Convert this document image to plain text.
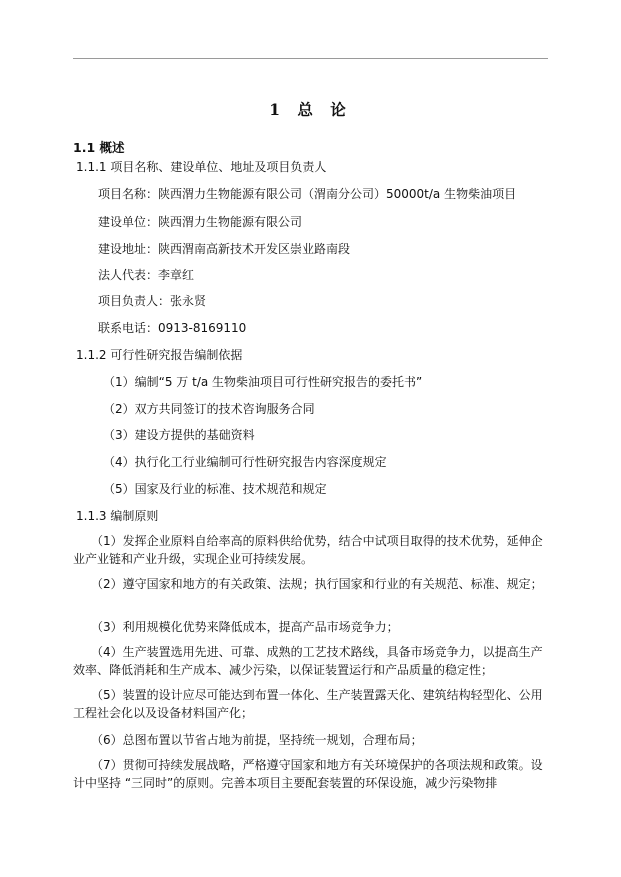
1 总 论
1.1 概述
1.1.1 项目名称、建设单位、地址及项目负责人
项目名称：陕西渭力生物能源有限公司（渭南分公司）50000t/a 生物柴油项目
建设单位：陕西渭力生物能源有限公司
建设地址：陕西渭南高新技术开发区崇业路南段
法人代表：李章红
项目负责人：张永贤
联系电话：0913-8169110
1.1.2 可行性研究报告编制依据
（1）编制“5 万 t/a 生物柴油项目可行性研究报告的委托书”
（2）双方共同签订的技术咨询服务合同
（3）建设方提供的基础资料
（4）执行化工行业编制可行性研究报告内容深度规定
（5）国家及行业的标准、技术规范和规定
1.1.3 编制原则
（1）发挥企业原料自给率高的原料供给优势，结合中试项目取得的技术优势，延伸企业产业链和产业升级，实现企业可持续发展。
（2）遵守国家和地方的有关政策、法规；执行国家和行业的有关规范、标准、规定；
（3）利用规模化优势来降低成本，提高产品市场竞争力；
（4）生产装置选用先进、可靠、成熟的工艺技术路线，具备市场竞争力，以提高生产效率、降低消耗和生产成本、减少污染，以保证装置运行和产品质量的稳定性；
（5）装置的设计应尽可能达到布置一体化、生产装置露天化、建筑结构轻型化、公用工程社会化以及设备材料国产化；
（6）总图布置以节省占地为前提，坚持统一规划，合理布局；
（7）贯彻可持续发展战略，严格遵守国家和地方有关环境保护的各项法规和政策。设计中坚持 “三同时”的原则。完善本项目主要配套装置的环保设施，减少污染物排
